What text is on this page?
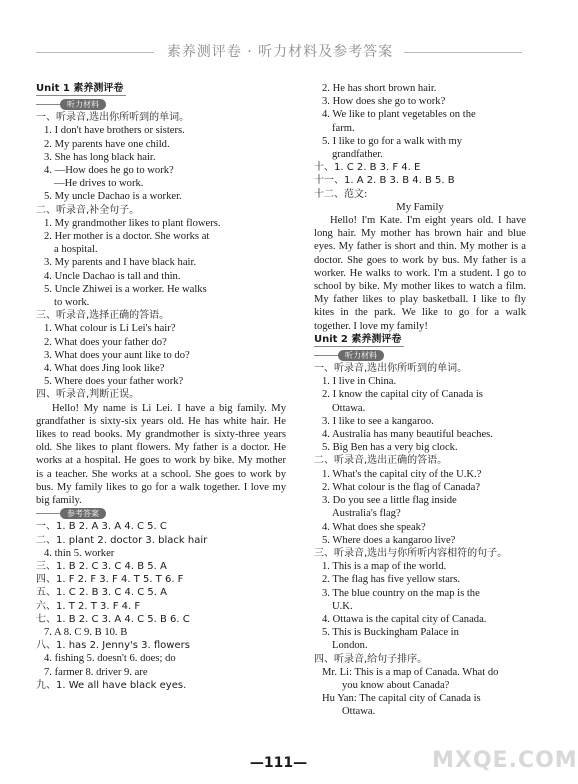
素养测评卷 · 听力材料及参考答案
Unit 1 素养测评卷
听力材料
一、听录音,选出你所听到的单词。
1. I don't have brothers or sisters.
2. My parents have one child.
3. She has long black hair.
4. —How does he go to work?
—He drives to work.
5. My uncle Dachao is a worker.
二、听录音,补全句子。
1. My grandmother likes to plant flowers.
2. Her mother is a doctor. She works at
a hospital.
3. My parents and I have black hair.
4. Uncle Dachao is tall and thin.
5. Uncle Zhiwei is a worker. He walks
to work.
三、听录音,选择正确的答语。
1. What colour is Li Lei's hair?
2. What does your father do?
3. What does your aunt like to do?
4. What does Jing look like?
5. Where does your father work?
四、听录音,判断正误。
Hello! My name is Li Lei. I have a big family. My grandfather is sixty-six years old. He has white hair. He likes to read books. My grandmother is sixty-three years old. She likes to plant flowers. My father is a doctor. He works at a hospital. He goes to work by bike. My mother is a teacher. She works at a school. She goes to work by bus. My family likes to go for a walk together. I love my big family.
参考答案
一、1. B 2. A 3. A 4. C 5. C
二、1. plant 2. doctor 3. black hair
4. thin 5. worker
三、1. B 2. C 3. C 4. B 5. A
四、1. F 2. F 3. F 4. T 5. T 6. F
五、1. C 2. B 3. C 4. C 5. A
六、1. T 2. T 3. F 4. F
七、1. B 2. C 3. A 4. C 5. B 6. C
7. A 8. C 9. B 10. B
八、1. has 2. Jenny's 3. flowers
4. fishing 5. doesn't 6. does; do
7. farmer 8. driver 9. are
九、1. We all have black eyes.
2. He has short brown hair.
3. How does she go to work?
4. We like to plant vegetables on the
farm.
5. I like to go for a walk with my
grandfather.
十、1. C 2. B 3. F 4. E
十一、1. A 2. B 3. B 4. B 5. B
十二、范文:
My Family
Hello! I'm Kate. I'm eight years old. I have long hair. My mother has brown hair and blue eyes. My father is short and thin. My mother is a doctor. She goes to work by bus. My father is a worker. He walks to work. I'm a student. I go to school by bike. My mother likes to watch a film. My father likes to play basketball. I like to fly kites in the park. We like to go for a walk together. I love my family!
Unit 2 素养测评卷
听力材料
一、听录音,选出你所听到的单词。
1. I live in China.
2. I know the capital city of Canada is
Ottawa.
3. I like to see a kangaroo.
4. Australia has many beautiful beaches.
5. Big Ben has a very big clock.
二、听录音,选出正确的答语。
1. What's the capital city of the U.K.?
2. What colour is the flag of Canada?
3. Do you see a little flag inside
Australia's flag?
4. What does she speak?
5. Where does a kangaroo live?
三、听录音,选出与你所听内容相符的句子。
1. This is a map of the world.
2. The flag has five yellow stars.
3. The blue country on the map is the
U.K.
4. Ottawa is the capital city of Canada.
5. This is Buckingham Palace in
London.
四、听录音,给句子排序。
Mr. Li: This is a map of Canada. What do
you know about Canada?
Hu Yan: The capital city of Canada is
Ottawa.
—111—	MXQE.COM
